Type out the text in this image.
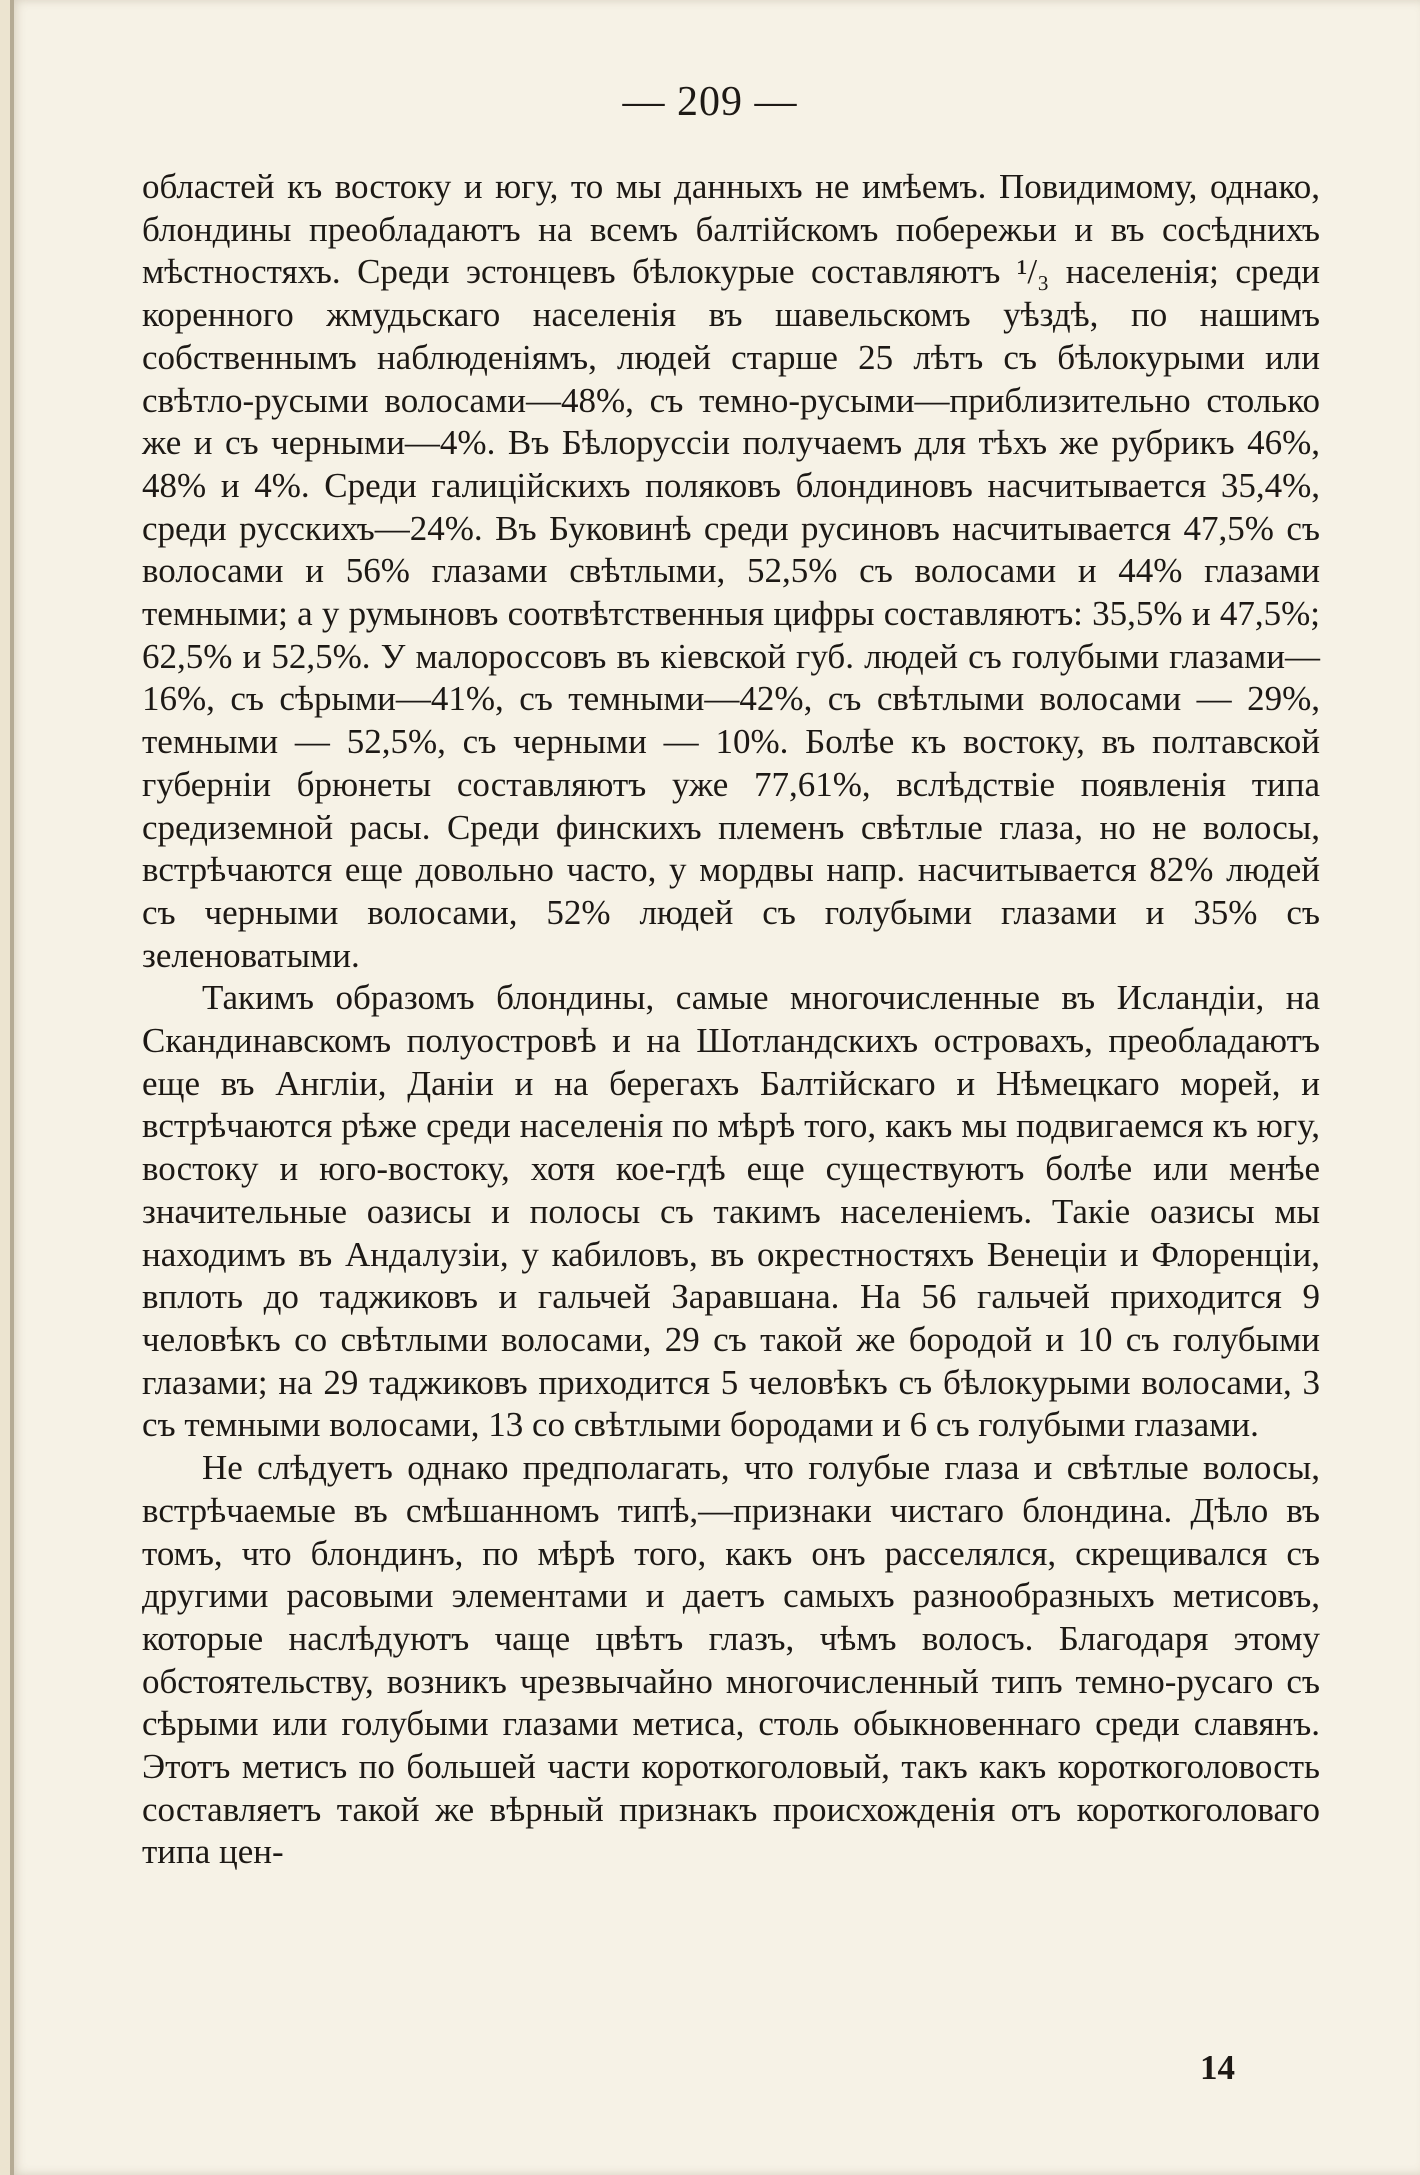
— 209 —

областей къ востоку и югу, то мы данныхъ не имѣемъ. Повидимому, однако, блондины преобладаютъ на всемъ балтійскомъ побережьи и въ сосѣднихъ мѣстностяхъ. Среди эстонцевъ бѣлокурые составляютъ ¹/₃ населенія; среди коренного жмудьскаго населенія въ шавельскомъ уѣздѣ, по нашимъ собственнымъ наблюденіямъ, людей старше 25 лѣтъ съ бѣлокурыми или свѣтло-русыми волосами—48%, съ темно-русыми—приблизительно столько же и съ черными—4%. Въ Бѣлоруссіи получаемъ для тѣхъ же рубрикъ 46%, 48% и 4%. Среди галиційскихъ поляковъ блондиновъ насчитывается 35,4%, среди русскихъ—24%. Въ Буковинѣ среди русиновъ насчитывается 47,5% съ волосами и 56% глазами свѣтлыми, 52,5% съ волосами и 44% глазами темными; а у румыновъ соотвѣтственныя цифры составляютъ: 35,5% и 47,5%; 62,5% и 52,5%. У малороссовъ въ кіевской губ. людей съ голубыми глазами—16%, съ сѣрыми—41%, съ темными—42%, съ свѣтлыми волосами — 29%, темными — 52,5%, съ черными — 10%. Болѣе къ востоку, въ полтавской губерніи брюнеты составляютъ уже 77,61%, вслѣдствіе появленія типа средиземной расы. Среди финскихъ племенъ свѣтлые глаза, но не волосы, встрѣчаются еще довольно часто, у мордвы напр. насчитывается 82% людей съ черными волосами, 52% людей съ голубыми глазами и 35% съ зеленоватыми.

Такимъ образомъ блондины, самые многочисленные въ Исландіи, на Скандинавскомъ полуостровѣ и на Шотландскихъ островахъ, преобладаютъ еще въ Англіи, Даніи и на берегахъ Балтійскаго и Нѣмецкаго морей, и встрѣчаются рѣже среди населенія по мѣрѣ того, какъ мы подвигаемся къ югу, востоку и юго-востоку, хотя кое-гдѣ еще существуютъ болѣе или менѣе значительные оазисы и полосы съ такимъ населеніемъ. Такіе оазисы мы находимъ въ Андалузіи, у кабиловъ, въ окрестностяхъ Венеціи и Флоренціи, вплоть до таджиковъ и гальчей Заравшана. На 56 гальчей приходится 9 человѣкъ со свѣтлыми волосами, 29 съ такой же бородой и 10 съ голубыми глазами; на 29 таджиковъ приходится 5 человѣкъ съ бѣлокурыми волосами, 3 съ темными волосами, 13 со свѣтлыми бородами и 6 съ голубыми глазами.

Не слѣдуетъ однако предполагать, что голубые глаза и свѣтлые волосы, встрѣчаемые въ смѣшанномъ типѣ,—признаки чистаго блондина. Дѣло въ томъ, что блондинъ, по мѣрѣ того, какъ онъ расселялся, скрещивался съ другими расовыми элементами и даетъ самыхъ разнообразныхъ метисовъ, которые наслѣдуютъ чаще цвѣтъ глазъ, чѣмъ волосъ. Благодаря этому обстоятельству, возникъ чрезвычайно многочисленный типъ темно-русаго съ сѣрыми или голубыми глазами метиса, столь обыкновеннаго среди славянъ. Этотъ метисъ по большей части короткоголовый, такъ какъ короткоголовость составляетъ такой же вѣрный признакъ происхожденія отъ короткоголоваго типа цен-

14
